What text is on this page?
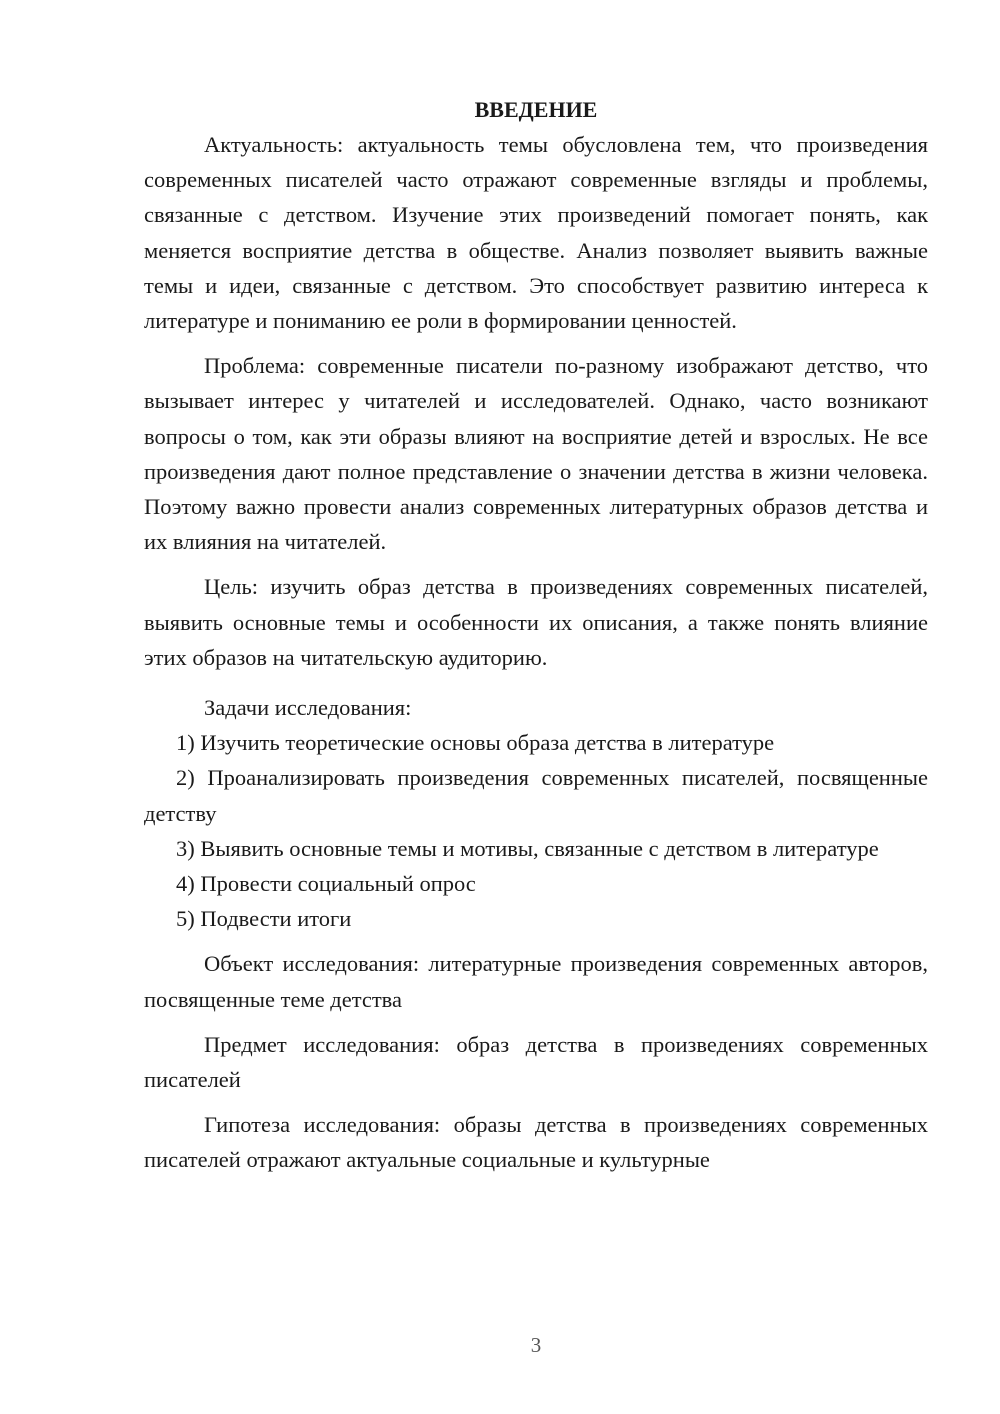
ВВЕДЕНИЕ

Актуальность: актуальность темы обусловлена тем, что произведения современных писателей часто отражают современные взгляды и проблемы, связанные с детством. Изучение этих произведений помогает понять, как меняется восприятие детства в обществе. Анализ позволяет выявить важные темы и идеи, связанные с детством. Это способствует развитию интереса к литературе и пониманию ее роли в формировании ценностей.

Проблема: современные писатели по-разному изображают детство, что вызывает интерес у читателей и исследователей. Однако, часто возникают вопросы о том, как эти образы влияют на восприятие детей и взрослых. Не все произведения дают полное представление о значении детства в жизни человека. Поэтому важно провести анализ современных литературных образов детства и их влияния на читателей.

Цель: изучить образ детства в произведениях современных писателей, выявить основные темы и особенности их описания, а также понять влияние этих образов на читательскую аудиторию.

Задачи исследования:

1) Изучить теоретические основы образа детства в литературе

2) Проанализировать произведения современных писателей, посвященные детству

3) Выявить основные темы и мотивы, связанные с детством в литературе

4) Провести социальный опрос

5) Подвести итоги

Объект исследования: литературные произведения современных авторов, посвященные теме детства

Предмет исследования: образ детства в произведениях современных писателей

Гипотеза исследования: образы детства в произведениях современных писателей отражают актуальные социальные и культурные

3
